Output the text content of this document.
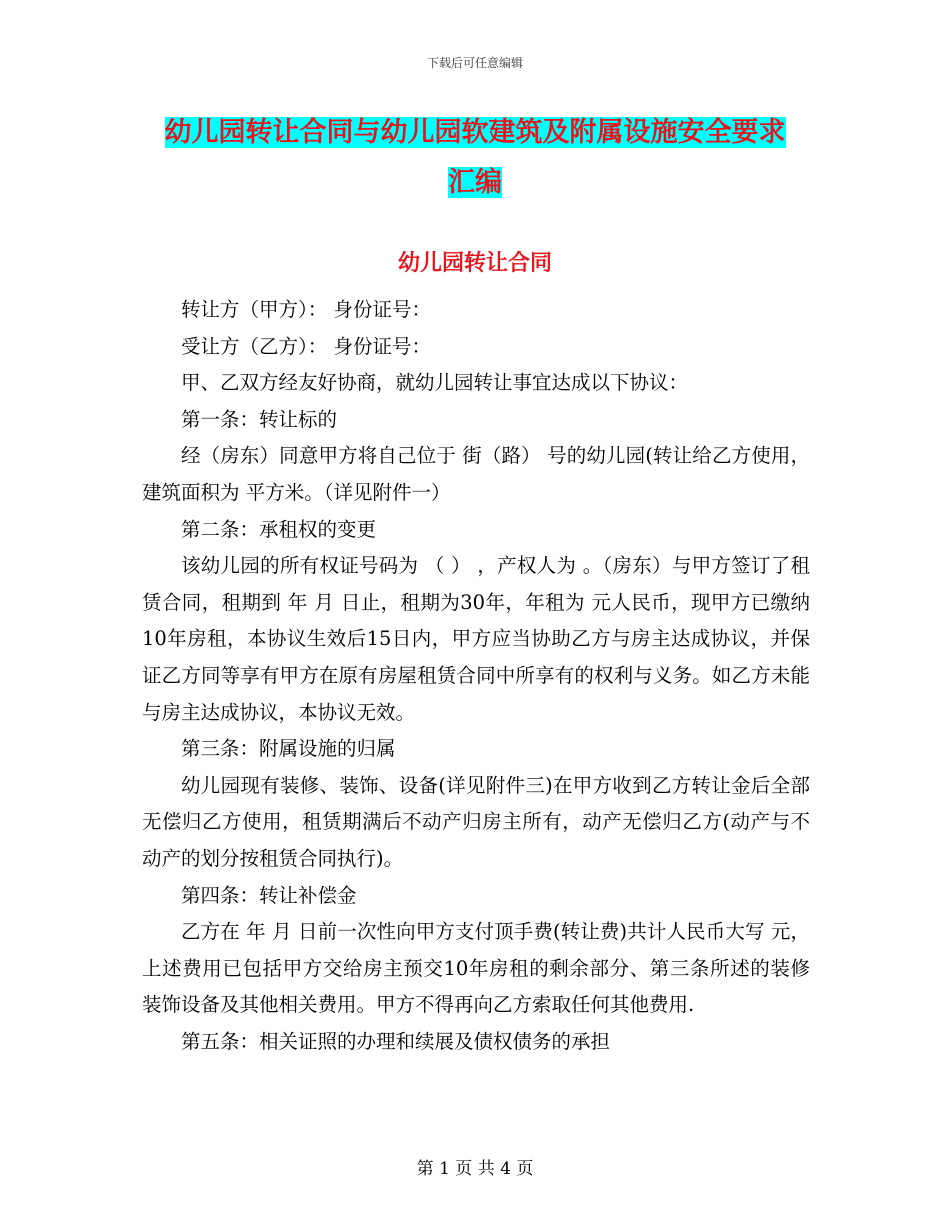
下载后可任意编辑
幼儿园转让合同与幼儿园软建筑及附属设施安全要求
汇编
幼儿园转让合同

转让方（甲方）： 身份证号：

受让方（乙方）： 身份证号：

甲、乙双方经友好协商，就幼儿园转让事宜达成以下协议：

第一条：转让标的

经（房东）同意甲方将自己位于 街（路） 号的幼儿园(转让给乙方使用，建筑面积为 平方米。（详见附件一）

第二条：承租权的变更

该幼儿园的所有权证号码为 （ ） ，产权人为 。（房东）与甲方签订了租赁合同，租期到 年 月 日止，租期为30年，年租为 元人民币，现甲方已缴纳10年房租，本协议生效后15日内，甲方应当协助乙方与房主达成协议，并保证乙方同等享有甲方在原有房屋租赁合同中所享有的权利与义务。如乙方未能与房主达成协议，本协议无效。

第三条：附属设施的归属

幼儿园现有装修、装饰、设备(详见附件三)在甲方收到乙方转让金后全部无偿归乙方使用，租赁期满后不动产归房主所有，动产无偿归乙方(动产与不动产的划分按租赁合同执行)。

第四条：转让补偿金

乙方在 年 月 日前一次性向甲方支付顶手费(转让费)共计人民币大写 元，上述费用已包括甲方交给房主预交10年房租的剩余部分、第三条所述的装修装饰设备及其他相关费用。甲方不得再向乙方索取任何其他费用.

第五条：相关证照的办理和续展及债权债务的承担

第 1 页 共 4 页
